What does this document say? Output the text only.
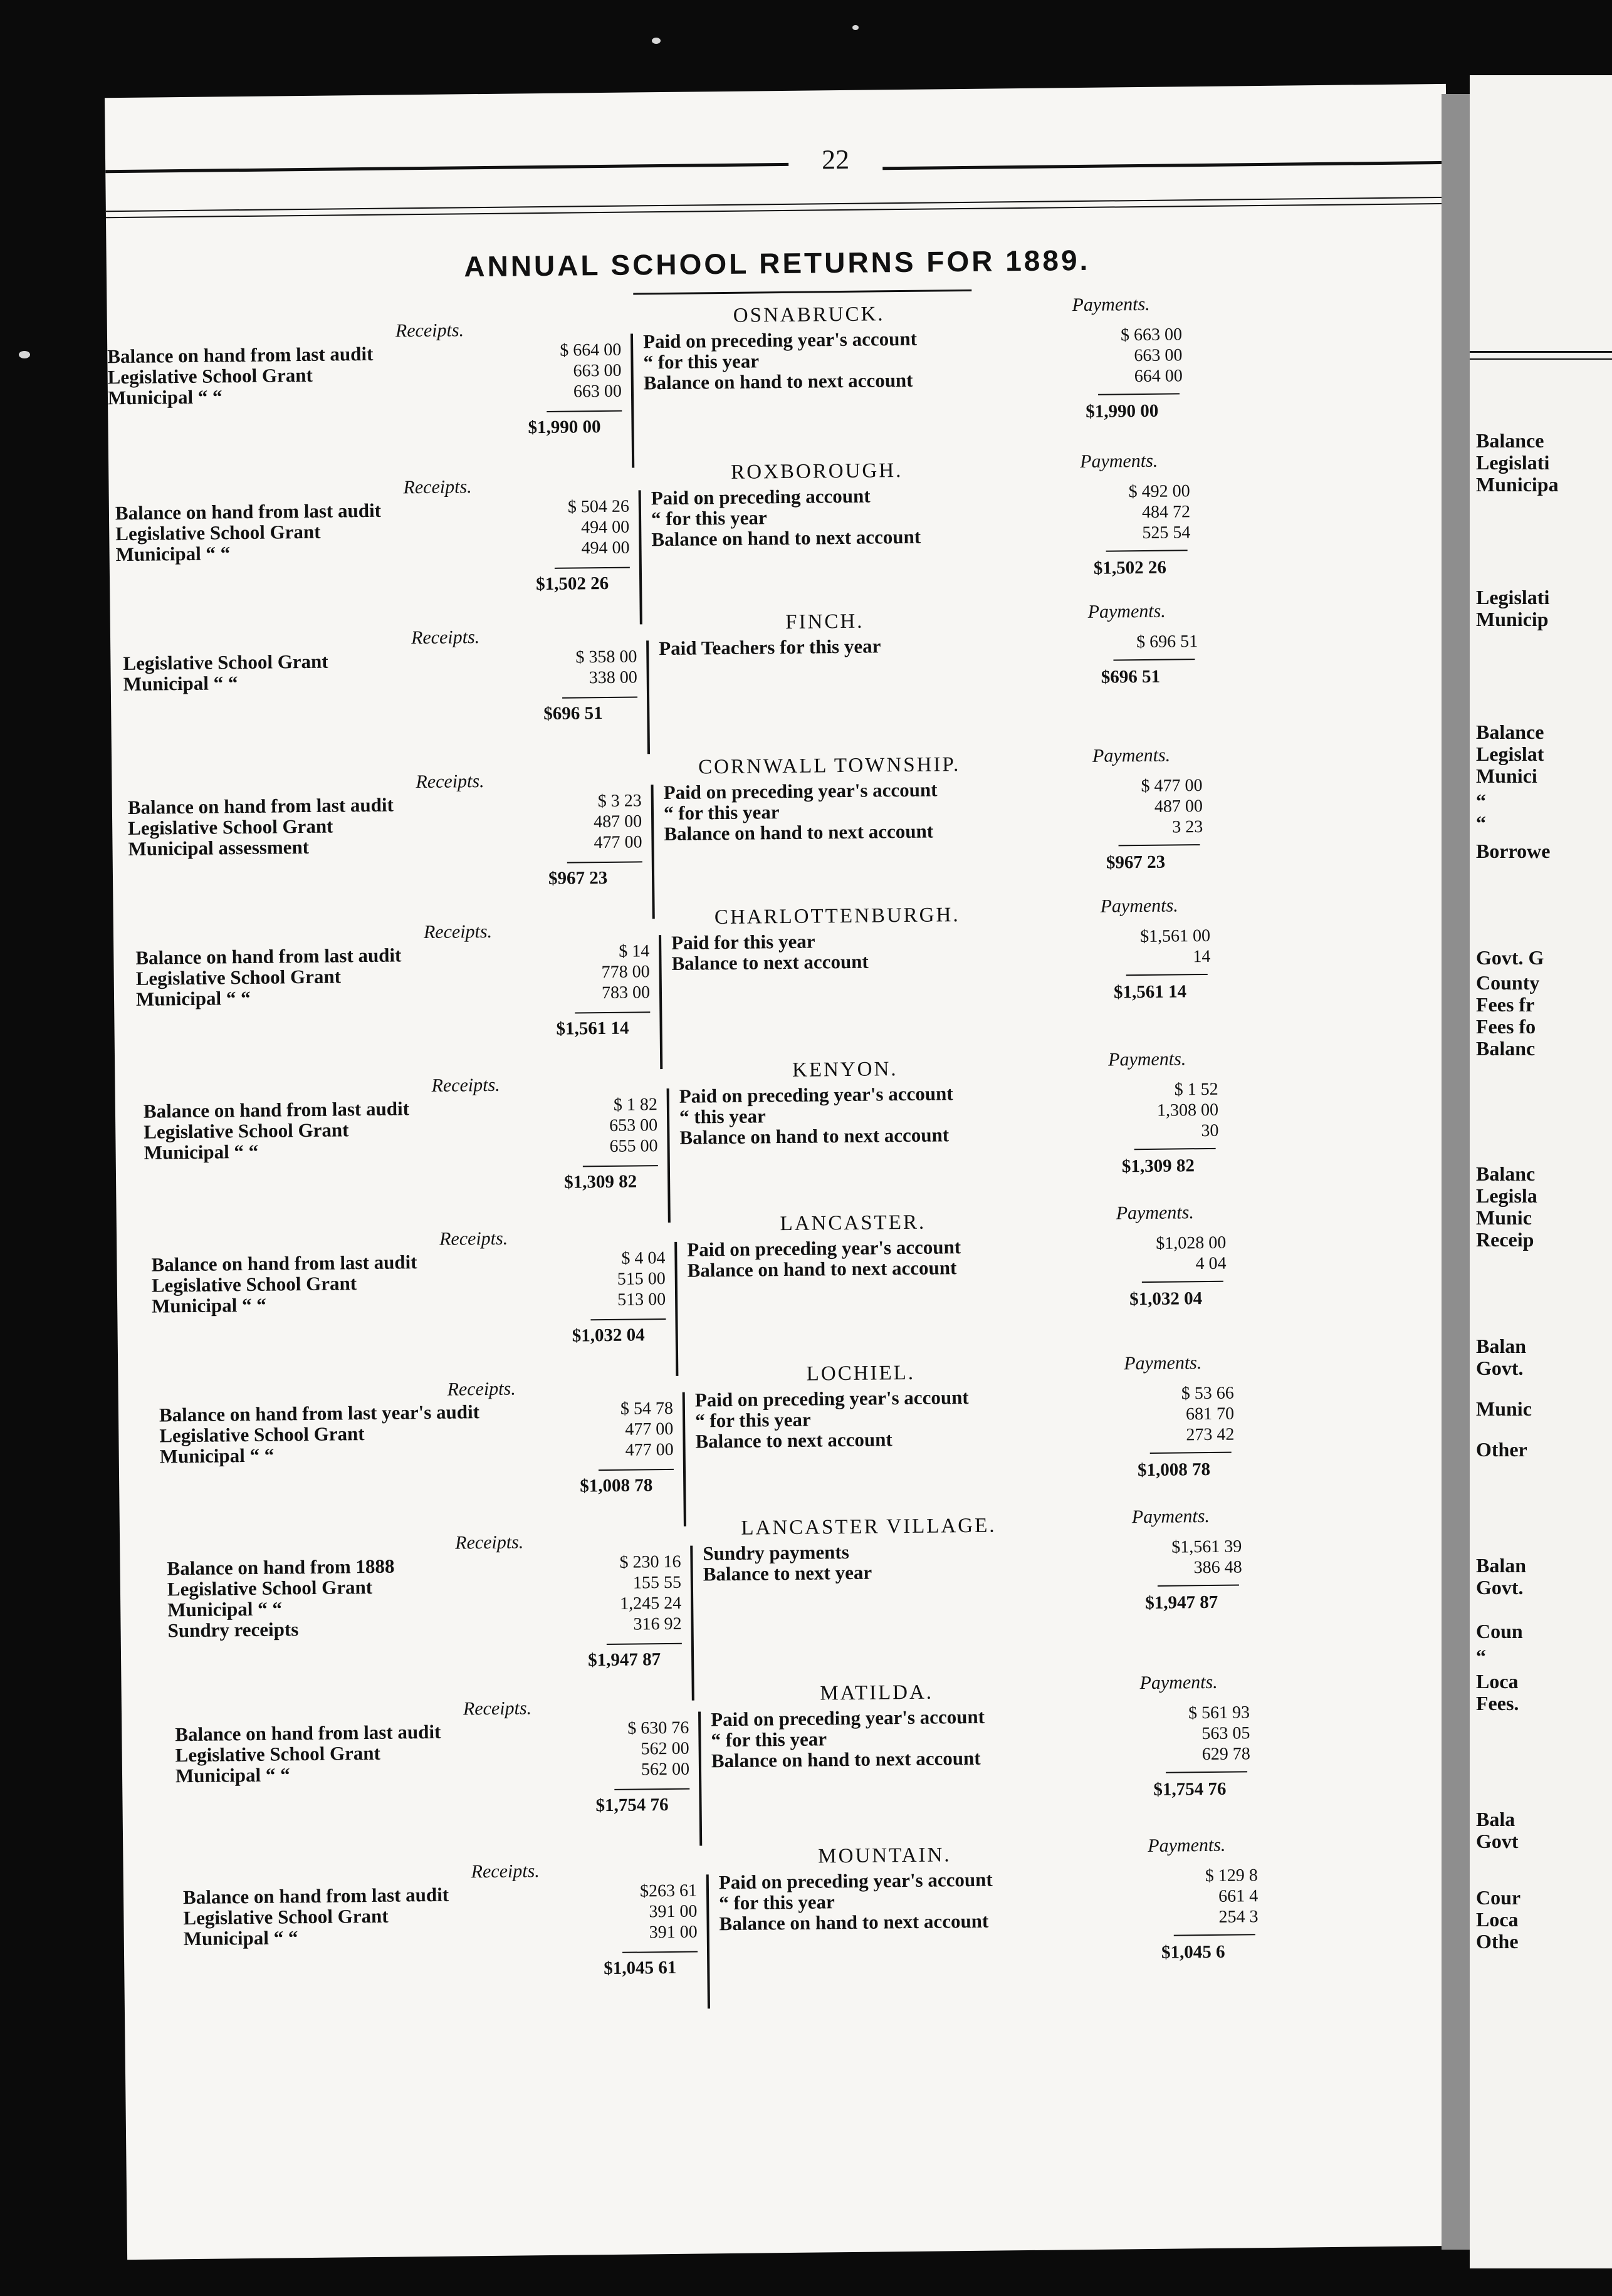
22
ANNUAL SCHOOL RETURNS FOR 1889.
OSNABRUCK.
Receipts.
Payments.
Balance on hand from last audit	$ 664 00
Legislative School Grant	663 00
Municipal “ “	663 00
Paid on preceding year's account	$ 663 00
“ for this year	663 00
Balance on hand to next account	664 00
$1,990 00
$1,990 00
ROXBOROUGH.
Receipts.
Payments.
Balance on hand from last audit	$ 504 26
Legislative School Grant	494 00
Municipal “ “	494 00
Paid on preceding account	$ 492 00
“ for this year	484 72
Balance on hand to next account	525 54
$1,502 26
$1,502 26
FINCH.
Receipts.
Payments.
Legislative School Grant	$ 358 00
Municipal “ “	338 00
Paid Teachers for this year	$ 696 51
$696 51
$696 51
CORNWALL TOWNSHIP.
Receipts.
Payments.
Balance on hand from last audit	$ 3 23
Legislative School Grant	487 00
Municipal assessment	477 00
Paid on preceding year's account	$ 477 00
“ for this year	487 00
Balance on hand to next account	3 23
$967 23
$967 23
CHARLOTTENBURGH.
Receipts.
Payments.
Balance on hand from last audit	$ 14
Legislative School Grant	778 00
Municipal “ “	783 00
Paid for this year	$1,561 00
Balance to next account	14
$1,561 14
$1,561 14
KENYON.
Receipts.
Payments.
Balance on hand from last audit	$ 1 82
Legislative School Grant	653 00
Municipal “ “	655 00
Paid on preceding year's account	$ 1 52
“ this year	1,308 00
Balance on hand to next account	30
$1,309 82
$1,309 82
LANCASTER.
Receipts.
Payments.
Balance on hand from last audit	$ 4 04
Legislative School Grant	515 00
Municipal “ “	513 00
Paid on preceding year's account	$1,028 00
Balance on hand to next account	4 04
$1,032 04
$1,032 04
LOCHIEL.
Receipts.
Payments.
Balance on hand from last year's audit	$ 54 78
Legislative School Grant	477 00
Municipal “ “	477 00
Paid on preceding year's account	$ 53 66
“ for this year	681 70
Balance to next account	273 42
$1,008 78
$1,008 78
LANCASTER VILLAGE.
Receipts.
Payments.
Balance on hand from 1888	$ 230 16
Legislative School Grant	155 55
Municipal “ “	1,245 24
Sundry receipts	316 92
Sundry payments	$1,561 39
Balance to next year	386 48
$1,947 87
$1,947 87
MATILDA.
Receipts.
Payments.
Balance on hand from last audit	$ 630 76
Legislative School Grant	562 00
Municipal “ “	562 00
Paid on preceding year's account	$ 561 93
“ for this year	563 05
Balance on hand to next account	629 78
$1,754 76
$1,754 76
MOUNTAIN.
Receipts.
Payments.
Balance on hand from last audit	$263 61
Legislative School Grant	391 00
Municipal “ “	391 00
Paid on preceding year's account	$ 129 8
“ for this year	661 4
Balance on hand to next account	254 3
$1,045 61
$1,045 6
Balance
Legislati
Municipa
Legislati
Municip
Balance
Legislat
Munici
“
“
Borrowe
Govt. G
County
Fees fr
Fees fo
Balanc
Balanc
Legisla
Munic
Receip
Balan
Govt.
Munic
Other
Balan
Govt.
Coun
“
Loca
Fees.
Bala
Govt
Cour
Loca
Othe
